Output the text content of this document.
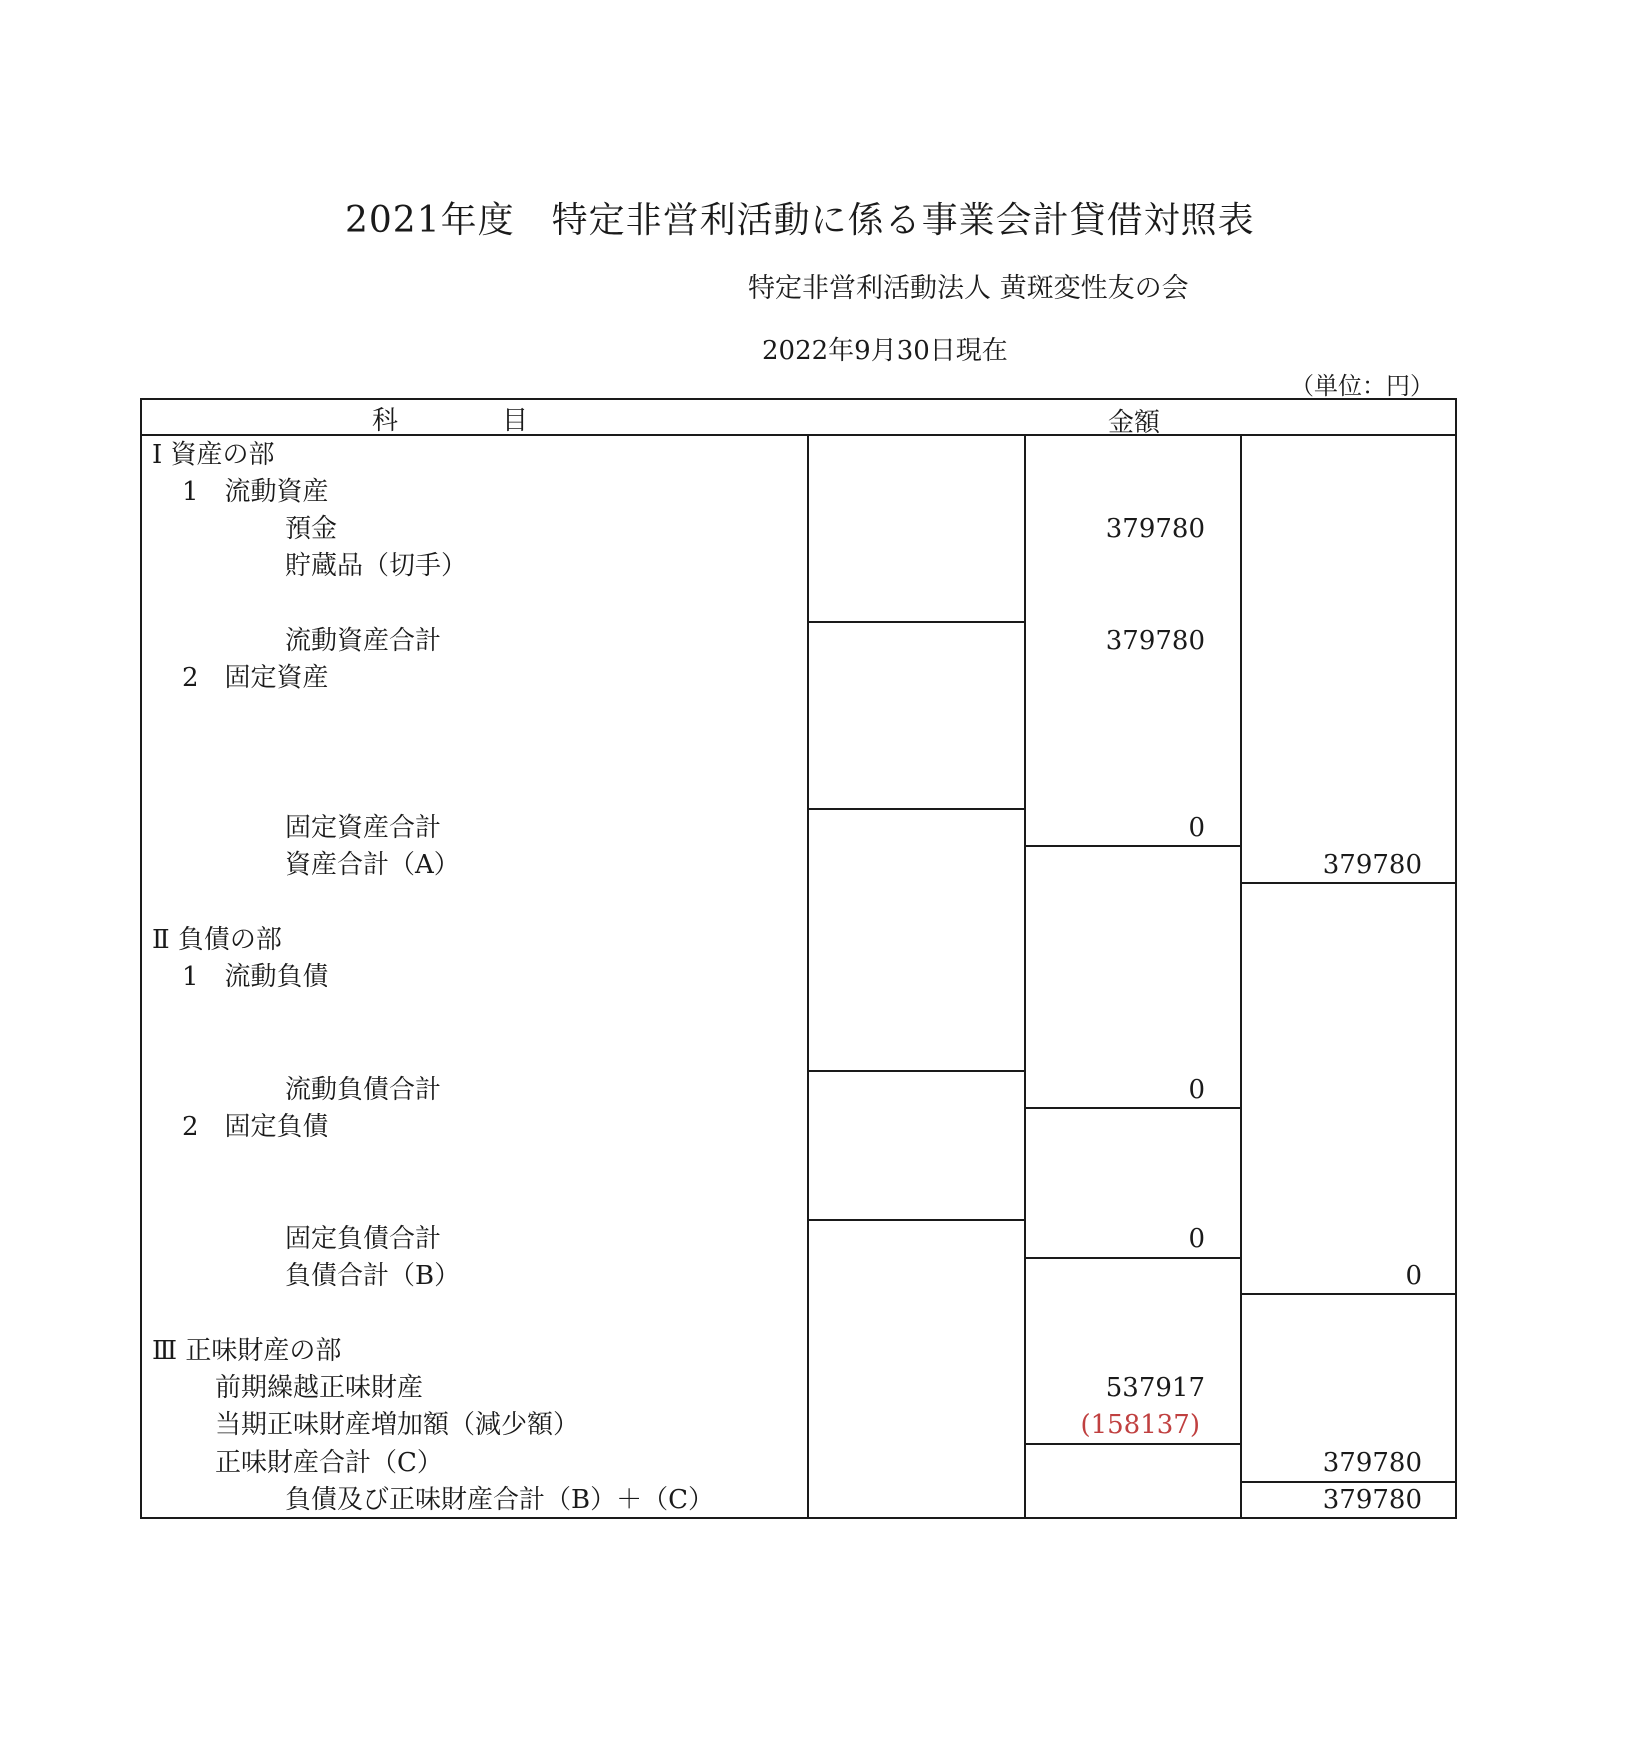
2021年度　特定非営利活動に係る事業会計貸借対照表
特定非営利活動法人 黄斑変性友の会
2022年9月30日現在
（単位：円）
科　　　　目	金額
Ⅰ 資産の部
1　流動資産
預金
貯蔵品（切手）
流動資産合計
2　固定資産
固定資産合計
資産合計（A）
Ⅱ 負債の部
1　流動負債
流動負債合計
2　固定負債
固定負債合計
負債合計（B）
Ⅲ 正味財産の部
前期繰越正味財産
当期正味財産増加額（減少額）
正味財産合計（C）
負債及び正味財産合計（B）＋（C）
379780
379780
0
0
0
537917
(158137)
379780
0
379780
379780
